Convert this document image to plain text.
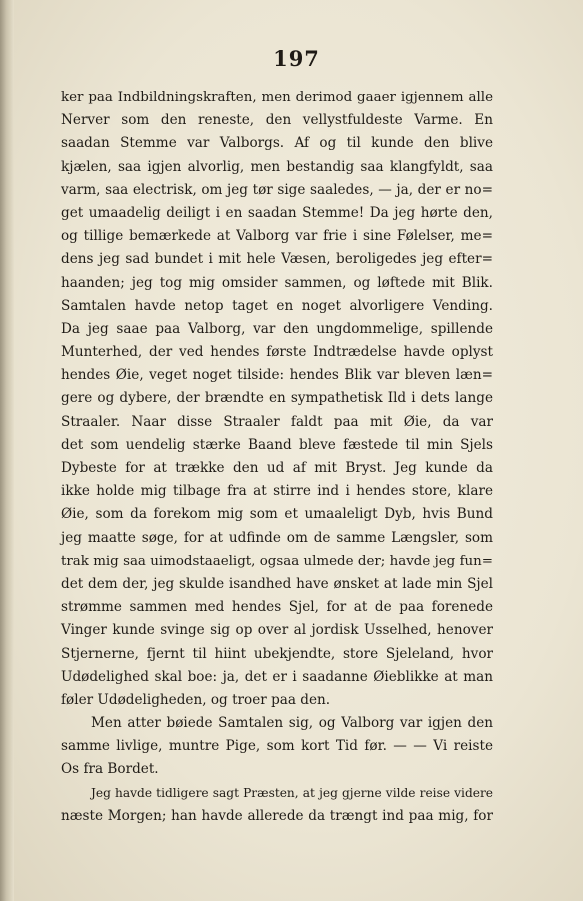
197
ker paa Indbildningskraften, men derimod gaaer igjennem alle
Nerver som den reneste, den vellystfuldeste Varme. En
saadan Stemme var Valborgs. Af og til kunde den blive
kjælen, saa igjen alvorlig, men bestandig saa klangfyldt, saa
varm, saa electrisk, om jeg tør sige saaledes, — ja, der er no=
get umaadelig deiligt i en saadan Stemme! Da jeg hørte den,
og tillige bemærkede at Valborg var frie i sine Følelser, me=
dens jeg sad bundet i mit hele Væsen, beroligedes jeg efter=
haanden; jeg tog mig omsider sammen, og løftede mit Blik.
Samtalen havde netop taget en noget alvorligere Vending.
Da jeg saae paa Valborg, var den ungdommelige, spillende
Munterhed, der ved hendes første Indtrædelse havde oplyst
hendes Øie, veget noget tilside: hendes Blik var bleven læn=
gere og dybere, der brændte en sympathetisk Ild i dets lange
Straaler. Naar disse Straaler faldt paa mit Øie, da var
det som uendelig stærke Baand bleve fæstede til min Sjels
Dybeste for at trække den ud af mit Bryst. Jeg kunde da
ikke holde mig tilbage fra at stirre ind i hendes store, klare
Øie, som da forekom mig som et umaaleligt Dyb, hvis Bund
jeg maatte søge, for at udfinde om de samme Længsler, som
trak mig saa uimodstaaeligt, ogsaa ulmede der; havde jeg fun=
det dem der, jeg skulde isandhed have ønsket at lade min Sjel
strømme sammen med hendes Sjel, for at de paa forenede
Vinger kunde svinge sig op over al jordisk Usselhed, henover
Stjernerne, fjernt til hiint ubekjendte, store Sjeleland, hvor
Udødelighed skal boe: ja, det er i saadanne Øieblikke at man
føler Udødeligheden, og troer paa den.
Men atter bøiede Samtalen sig, og Valborg var igjen den
samme livlige, muntre Pige, som kort Tid før. — — Vi reiste
Os fra Bordet.
Jeg havde tidligere sagt Præsten, at jeg gjerne vilde reise videre
næste Morgen; han havde allerede da trængt ind paa mig, for
